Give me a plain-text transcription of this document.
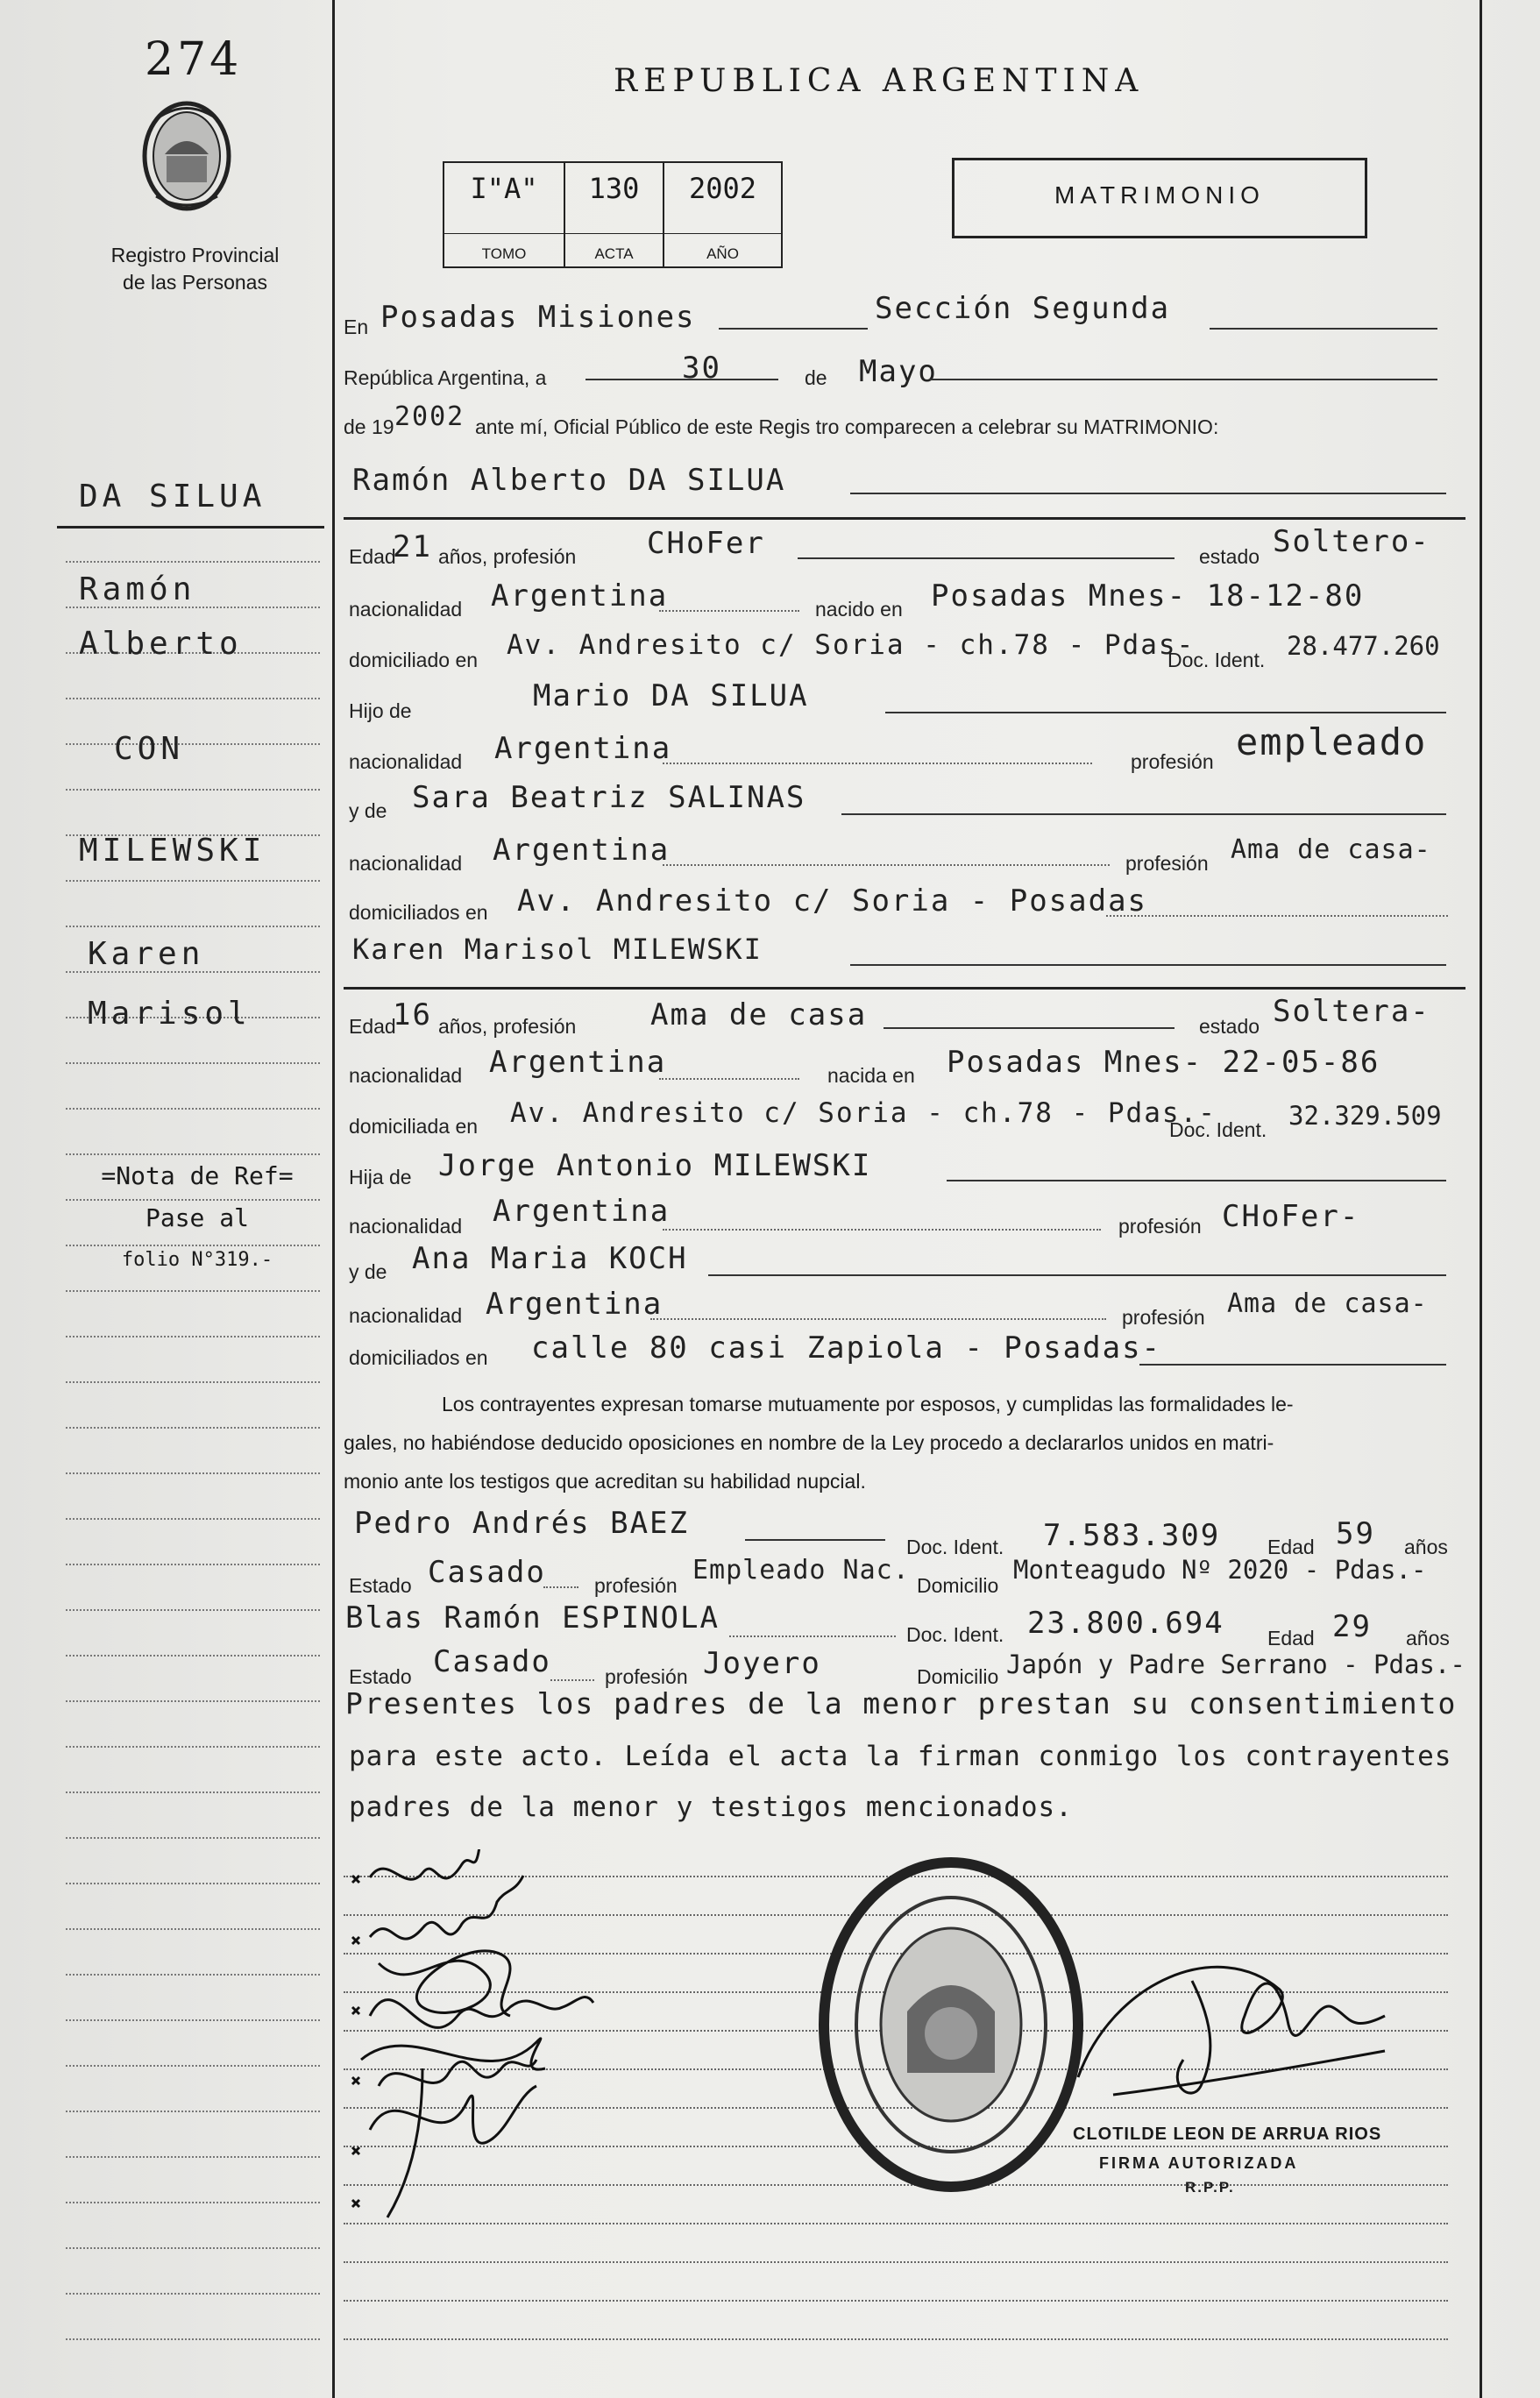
274
Registro Provincial
de las Personas
DA SILUA
Ramón
Alberto
CON
MILEWSKI
Karen
Marisol
=Nota de Ref=
Pase al
folio N°319.-
REPUBLICA ARGENTINA
I"A"
TOMO
130
ACTA
2002
AÑO
MATRIMONIO
En Posadas Misiones	Sección Segunda
República Argentina, a	30	de Mayo
de 19 2002 ante mí, Oficial Público de este Regis tro comparecen a celebrar su MATRIMONIO:
Ramón Alberto DA SILUA
Edad
21 años, profesión CHoFer	estado Soltero-
nacionalidad Argentina	nacido en Posadas Mnes- 18-12-80
domiciliado en Av. Andresito c/ Soria - ch.78 - Pdas-
Doc. Ident. 28.477.260
Hijo de	Mario DA SILUA
nacionalidad Argentina	profesión empleado
y de Sara Beatriz SALINAS
nacionalidad Argentina	profesión Ama de casa-
domiciliados en Av. Andresito c/ Soria - Posadas
Karen Marisol MILEWSKI
Edad
16 años, profesión Ama de casa	estado Soltera-
nacionalidad Argentina	nacida en Posadas Mnes- 22-05-86
domiciliada en Av. Andresito c/ Soria - ch.78 - Pdas.-
Doc. Ident. 32.329.509
Hija de Jorge Antonio MILEWSKI
nacionalidad Argentina	profesión CHoFer-
y de Ana Maria KOCH
nacionalidad Argentina	profesión Ama de casa-
domiciliados en calle 80 casi Zapiola - Posadas-
Los contrayentes expresan tomarse mutuamente por esposos, y cumplidas las formalidades le-
gales, no habiéndose deducido oposiciones en nombre de la Ley procedo a declararlos unidos en matri-
monio ante los testigos que acreditan su habilidad nupcial.
Pedro Andrés BAEZ
Doc. Ident. 7.583.309 Edad 59 años
Estado Casado profesión Empleado Nac. Domicilio
Monteagudo Nº 2020 - Pdas.-
Blas Ramón ESPINOLA	Doc. Ident. 23.800.694 Edad 29 años
Estado Casado	profesión Joyero	Domicilio Japón y Padre Serrano - Pdas.-
Presentes los padres de la menor prestan su consentimiento
para este acto. Leída el acta la firman conmigo los contrayentes
padres de la menor y testigos mencionados.
CLOTILDE LEON DE ARRUA RIOS
FIRMA AUTORIZADA
R.P.P.
